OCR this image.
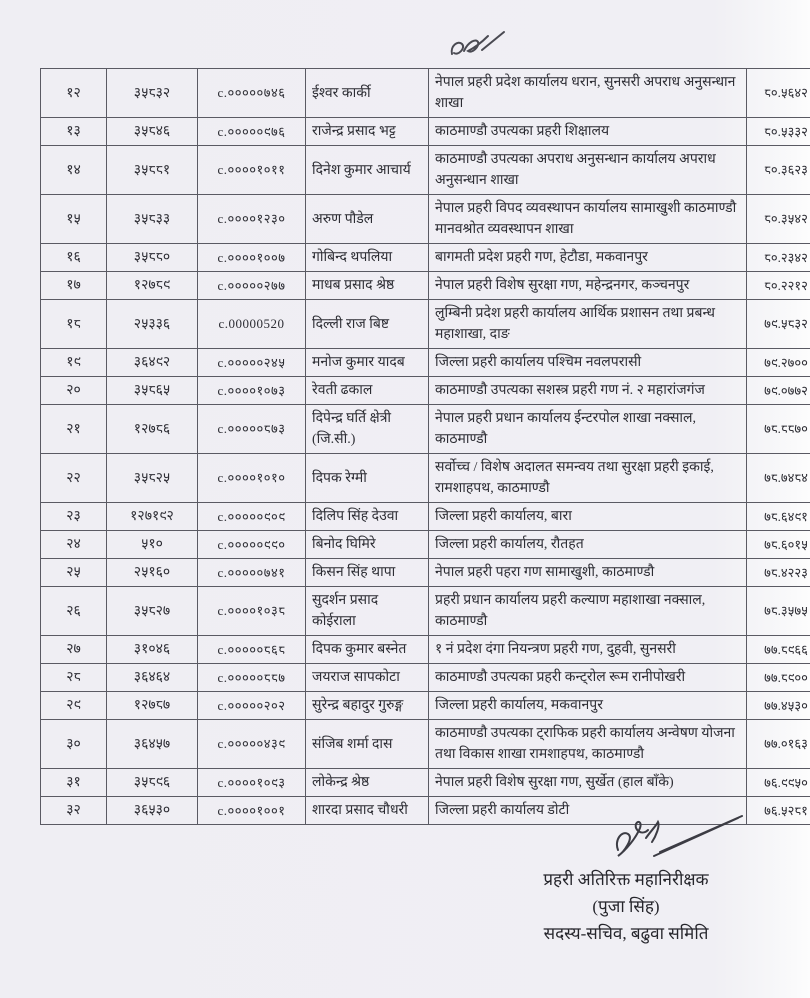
१२	३५८३२	c.०००००७४६	ईश्वर कार्की	नेपाल प्रहरी प्रदेश कार्यालय धरान, सुनसरी अपराध अनुसन्धान शाखा	८०.५६४२
१३	३५८४६	c.०००००९७६	राजेन्द्र प्रसाद भट्ट	काठमाण्डौ उपत्यका प्रहरी शिक्षालय	८०.५३३२
१४	३५८८१	c.००००१०११	दिनेश कुमार आचार्य	काठमाण्डौ उपत्यका अपराध अनुसन्धान कार्यालय अपराध अनुसन्धान शाखा	८०.३६२३
१५	३५८३३	c.००००१२३०	अरुण पौडेल	नेपाल प्रहरी विपद व्यवस्थापन कार्यालय सामाखुशी काठमाण्डौ मानवश्रोत व्यवस्थापन शाखा	८०.३५४२
१६	३५८८०	c.००००१००७	गोबिन्द थपलिया	बागमती प्रदेश प्रहरी गण, हेटौडा, मकवानपुर	८०.२३४२
१७	१२७८९	c.०००००२७७	माधब प्रसाद श्रेष्ठ	नेपाल प्रहरी विशेष सुरक्षा गण, महेन्द्रनगर, कञ्चनपुर	८०.२२१२
१८	२५३३६	c.00000520	दिल्ली राज बिष्ट	लुम्बिनी प्रदेश प्रहरी कार्यालय आर्थिक प्रशासन तथा प्रबन्ध महाशाखा, दाङ	७९.५८३२
१९	३६४९२	c.०००००२४५	मनोज कुमार यादब	जिल्ला प्रहरी कार्यालय पश्चिम नवलपरासी	७९.२७००
२०	३५८६५	c.००००१०७३	रेवती ढकाल	काठमाण्डौ उपत्यका सशस्त्र प्रहरी गण नं. २ महारांजगंज	७९.०७७२
२१	१२७८६	c.०००००८७३	दिपेन्द्र घर्ति क्षेत्री (जि.सी.)	नेपाल प्रहरी प्रधान कार्यालय ईन्टरपोल शाखा नक्साल, काठमाण्डौ	७८.८८७०
२२	३५८२५	c.००००१०१०	दिपक रेग्मी	सर्वोच्च / विशेष अदालत समन्वय तथा सुरक्षा प्रहरी इकाई, रामशाहपथ, काठमाण्डौ	७८.७४८४
२३	१२७१९२	c.०००००९०९	दिलिप सिंह देउवा	जिल्ला प्रहरी कार्यालय, बारा	७८.६४९१
२४	५१०	c.०००००९९०	बिनोद घिमिरे	जिल्ला प्रहरी कार्यालय, रौतहत	७८.६०१५
२५	२५१६०	c.०००००७४१	किसन सिंह थापा	नेपाल प्रहरी पहरा गण सामाखुशी, काठमाण्डौ	७८.४२२३
२६	३५८२७	c.००००१०३८	सुदर्शन प्रसाद कोईराला	प्रहरी प्रधान कार्यालय प्रहरी कल्याण महाशाखा नक्साल, काठमाण्डौ	७८.३५७५
२७	३१०४६	c.०००००८६८	दिपक कुमार बस्नेत	१ नं प्रदेश दंगा नियन्त्रण प्रहरी गण, दुहवी, सुनसरी	७७.८९६६
२८	३६४६४	c.०००००८८७	जयराज सापकोटा	काठमाण्डौ उपत्यका प्रहरी कन्ट्रोल रूम रानीपोखरी	७७.८९००
२९	१२७८७	c.०००००२०२	सुरेन्द्र बहादुर गुरुङ्ग	जिल्ला प्रहरी कार्यालय, मकवानपुर	७७.४५३०
३०	३६४५७	c.०००००४३९	संजिब शर्मा दास	काठमाण्डौ उपत्यका ट्राफिक प्रहरी कार्यालय अन्वेषण योजना तथा विकास शाखा रामशाहपथ, काठमाण्डौ	७७.०१६३
३१	३५८९६	c.००००१०९३	लोकेन्द्र श्रेष्ठ	नेपाल प्रहरी विशेष सुरक्षा गण, सुर्खेत (हाल बाँके)	७६.९९५०
३२	३६५३०	c.००००१००१	शारदा प्रसाद चौधरी	जिल्ला प्रहरी कार्यालय डोटी	७६.५२८१
प्रहरी अतिरिक्त महानिरीक्षक
(पुजा सिंह)
सदस्य-सचिव, बढुवा समिति
